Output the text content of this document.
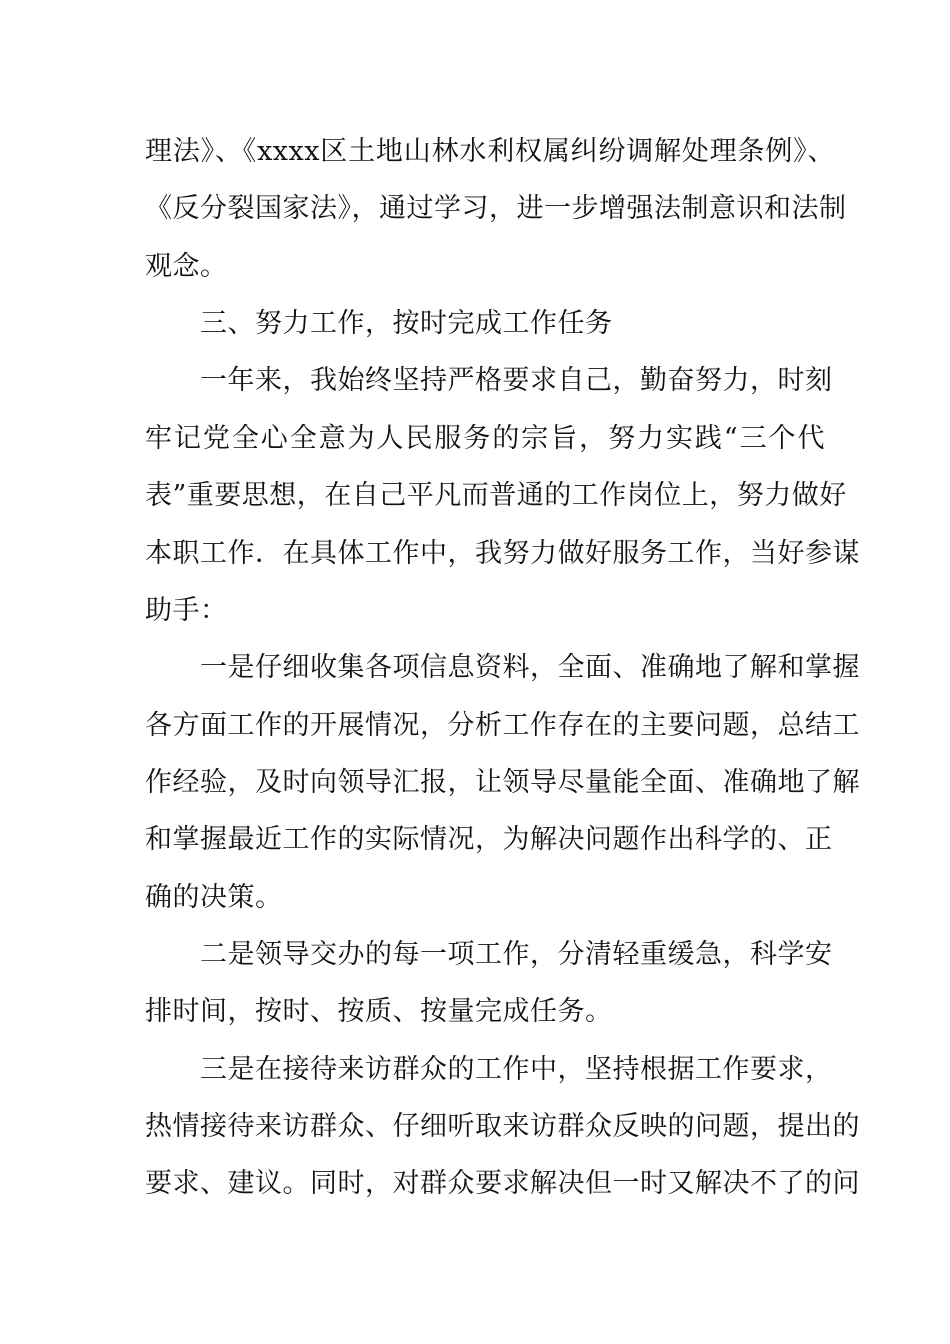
理法》、《xxxx区土地山林水利权属纠纷调解处理条例》、
《反分裂国家法》，通过学习，进一步增强法制意识和法制
观念。
三、努力工作，按时完成工作任务
一年来，我始终坚持严格要求自己，勤奋努力，时刻
牢记党全心全意为人民服务的宗旨，努力实践“三个代
表”重要思想，在自己平凡而普通的工作岗位上，努力做好
本职工作．在具体工作中，我努力做好服务工作，当好参谋
助手：
一是仔细收集各项信息资料，全面、准确地了解和掌握
各方面工作的开展情况，分析工作存在的主要问题，总结工
作经验，及时向领导汇报，让领导尽量能全面、准确地了解
和掌握最近工作的实际情况，为解决问题作出科学的、正
确的决策。
二是领导交办的每一项工作，分清轻重缓急，科学安
排时间，按时、按质、按量完成任务。
三是在接待来访群众的工作中，坚持根据工作要求，
热情接待来访群众、仔细听取来访群众反映的问题，提出的
要求、建议。同时，对群众要求解决但一时又解决不了的问
